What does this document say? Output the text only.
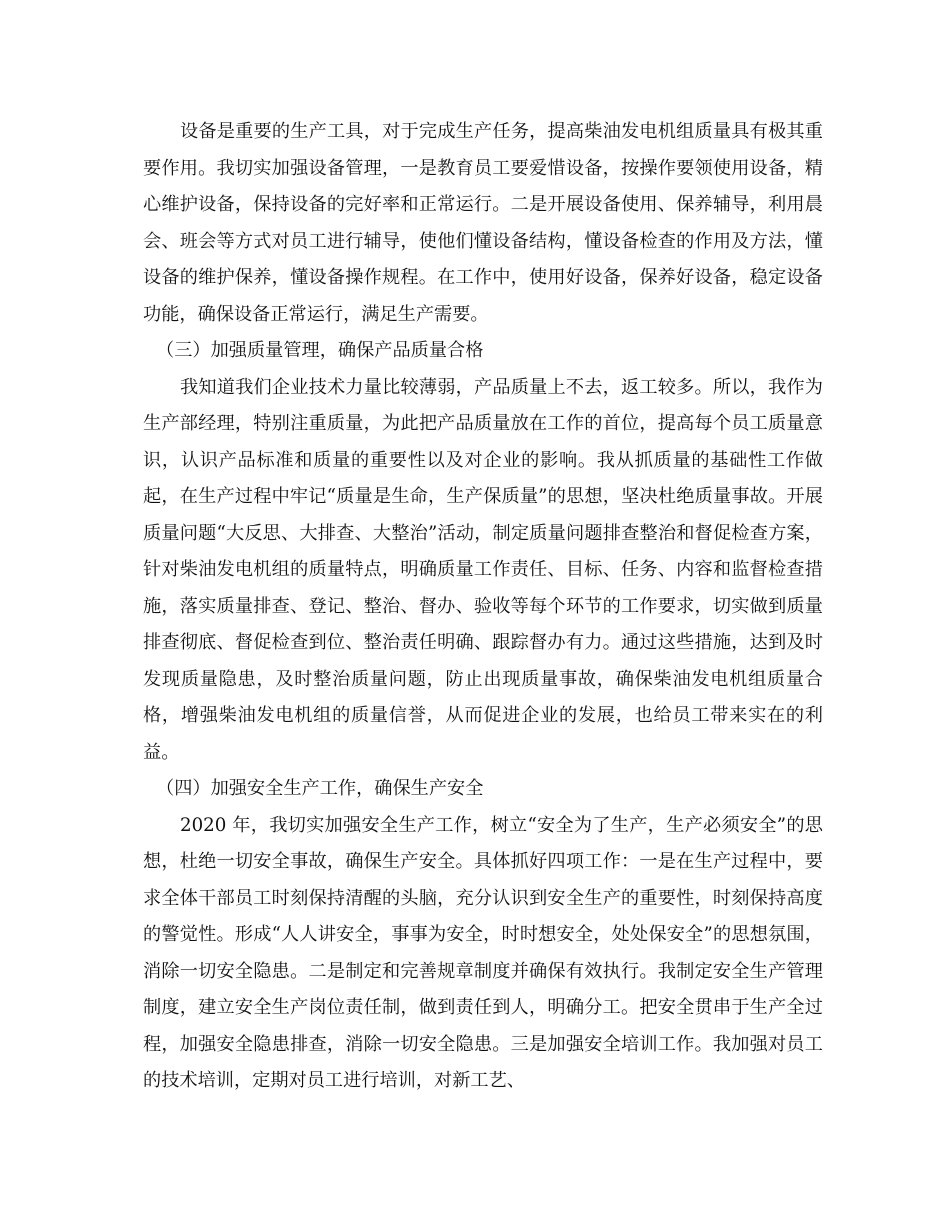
设备是重要的生产工具，对于完成生产任务，提高柴油发电机组质量具有极其重要作用。我切实加强设备管理，一是教育员工要爱惜设备，按操作要领使用设备，精心维护设备，保持设备的完好率和正常运行。二是开展设备使用、保养辅导，利用晨会、班会等方式对员工进行辅导，使他们懂设备结构，懂设备检查的作用及方法，懂设备的维护保养，懂设备操作规程。在工作中，使用好设备，保养好设备，稳定设备功能，确保设备正常运行，满足生产需要。

（三）加强质量管理，确保产品质量合格

我知道我们企业技术力量比较薄弱，产品质量上不去，返工较多。所以，我作为生产部经理，特别注重质量，为此把产品质量放在工作的首位，提高每个员工质量意识，认识产品标准和质量的重要性以及对企业的影响。我从抓质量的基础性工作做起，在生产过程中牢记“质量是生命，生产保质量”的思想，坚决杜绝质量事故。开展质量问题“大反思、大排查、大整治”活动，制定质量问题排查整治和督促检查方案，针对柴油发电机组的质量特点，明确质量工作责任、目标、任务、内容和监督检查措施，落实质量排查、登记、整治、督办、验收等每个环节的工作要求，切实做到质量排查彻底、督促检查到位、整治责任明确、跟踪督办有力。通过这些措施，达到及时发现质量隐患，及时整治质量问题，防止出现质量事故，确保柴油发电机组质量合格，增强柴油发电机组的质量信誉，从而促进企业的发展，也给员工带来实在的利益。

（四）加强安全生产工作，确保生产安全

2020 年，我切实加强安全生产工作，树立“安全为了生产，生产必须安全”的思想，杜绝一切安全事故，确保生产安全。具体抓好四项工作：一是在生产过程中，要求全体干部员工时刻保持清醒的头脑，充分认识到安全生产的重要性，时刻保持高度的警觉性。形成“人人讲安全，事事为安全，时时想安全，处处保安全”的思想氛围，消除一切安全隐患。二是制定和完善规章制度并确保有效执行。我制定安全生产管理制度，建立安全生产岗位责任制，做到责任到人，明确分工。把安全贯串于生产全过程，加强安全隐患排查，消除一切安全隐患。三是加强安全培训工作。我加强对员工的技术培训，定期对员工进行培训，对新工艺、
